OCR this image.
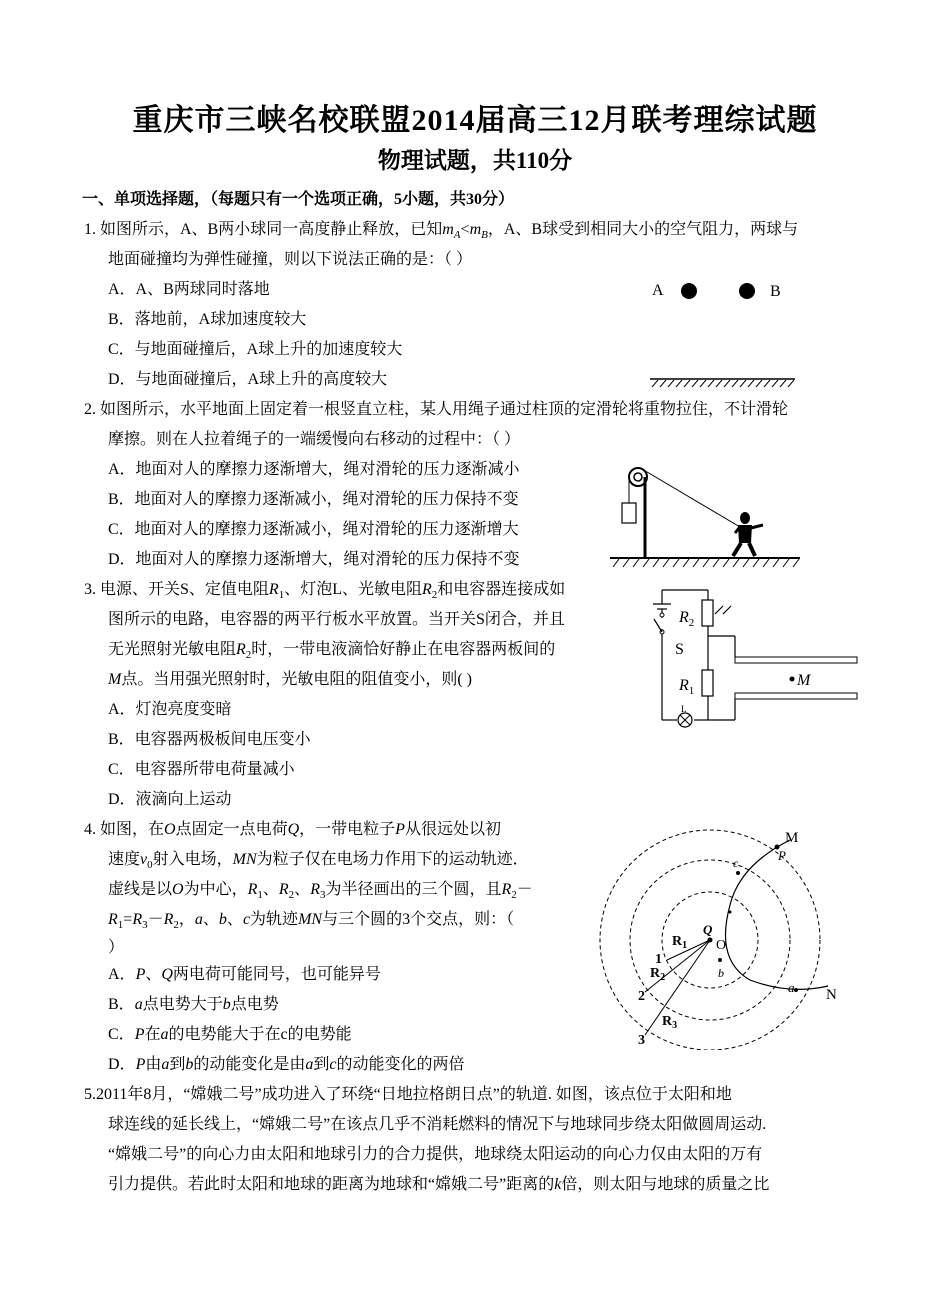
重庆市三峡名校联盟2014届高三12月联考理综试题
物理试题，共110分
一、单项选择题，（每题只有一个选项正确，5小题，共30分）
1. 如图所示，A、B两小球同一高度静止释放，已知$m_A<m_B$，A、B球受到相同大小的空气阻力，两球与
地面碰撞均为弹性碰撞，则以下说法正确的是：（ ）
A．A、B两球同时落地
B．落地前，A球加速度较大
C．与地面碰撞后，A球上升的加速度较大
D．与地面碰撞后，A球上升的高度较大
A	B
2. 如图所示，水平地面上固定着一根竖直立柱，某人用绳子通过柱顶的定滑轮将重物拉住，不计滑轮
摩擦。则在人拉着绳子的一端缓慢向右移动的过程中：（ ）
A．地面对人的摩擦力逐渐增大，绳对滑轮的压力逐渐减小
B．地面对人的摩擦力逐渐减小，绳对滑轮的压力保持不变
C．地面对人的摩擦力逐渐减小，绳对滑轮的压力逐渐增大
D．地面对人的摩擦力逐渐增大，绳对滑轮的压力保持不变
3. 电源、开关S、定值电阻$R_1$、灯泡L、光敏电阻$R_2$和电容器连接成如
图所示的电路，电容器的两平行板水平放置。当开关S闭合，并且
无光照射光敏电阻$R_2$时，一带电液滴恰好静止在电容器两板间的
M点。当用强光照射时，光敏电阻的阻值变小，则( )
A．灯泡亮度变暗
B．电容器两极板间电压变小
C．电容器所带电荷量减小
D．液滴向上运动
$R_2$
$R_1$
S
M
L
4. 如图，在O点固定一点电荷Q，一带电粒子P从很远处以初
速度$v_0$射入电场，MN为粒子仅在电场力作用下的运动轨迹．
虚线是以O为中心，$R_1$、$R_2$、$R_3$为半径画出的三个圆，且$R_2-$
$R_1=R_3-R_2$，a、b、c为轨迹MN与三个圆的3个交点，则：（
）
A．P、Q两电荷可能同号，也可能异号
B．a点电势大于b点电势
C．P在a的电势能大于在c的电势能
D．P由a到b的动能变化是由a到c的动能变化的两倍
M
N
P
Q
O
a
b
c
$R_1$
$R_2$
$R_3$
1
2
3
5.2011年8月，“嫦娥二号”成功进入了环绕“日地拉格朗日点”的轨道. 如图，该点位于太阳和地
球连线的延长线上，“嫦娥二号”在该点几乎不消耗燃料的情况下与地球同步绕太阳做圆周运动.
“嫦娥二号”的向心力由太阳和地球引力的合力提供，地球绕太阳运动的向心力仅由太阳的万有
引力提供。若此时太阳和地球的距离为地球和“嫦娥二号”距离的k倍，则太阳与地球的质量之比
